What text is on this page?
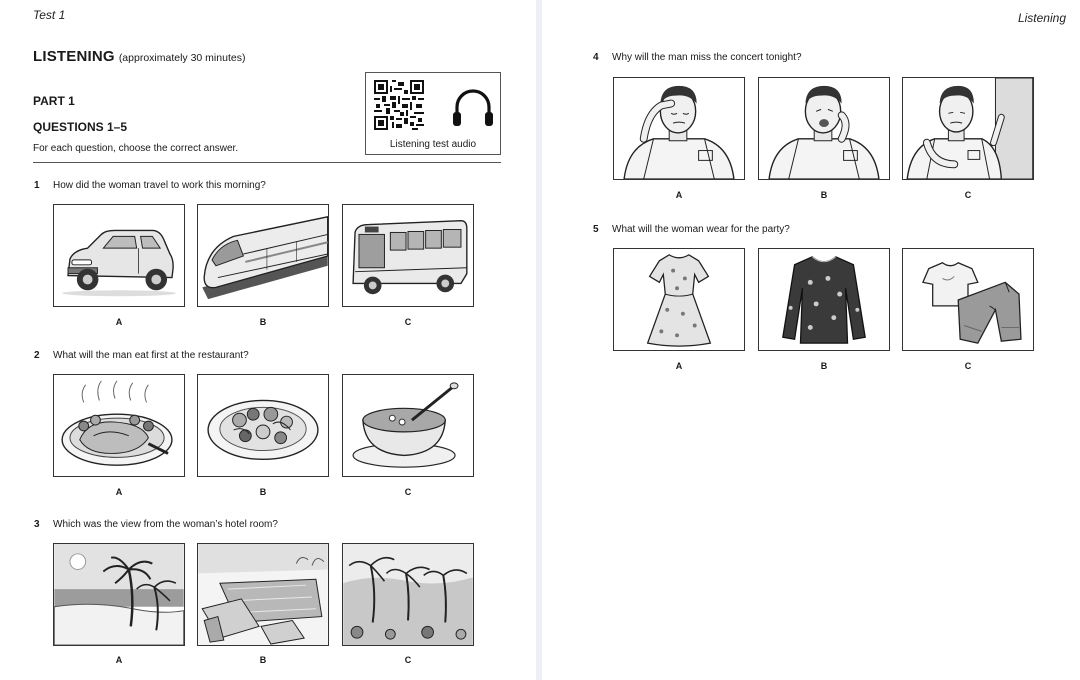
Test 1
LISTENING (approximately 30 minutes)
PART 1
QUESTIONS 1–5
For each question, choose the correct answer.	Listening test audio
1 How did the woman travel to work this morning?
A	B	C
2 What will the man eat first at the restaurant?
A	B	C
3 Which was the view from the woman’s hotel room?
A	B	C
Listening
4 Why will the man miss the concert tonight?
A	B	C
5 What will the woman wear for the party?
A	B	C
